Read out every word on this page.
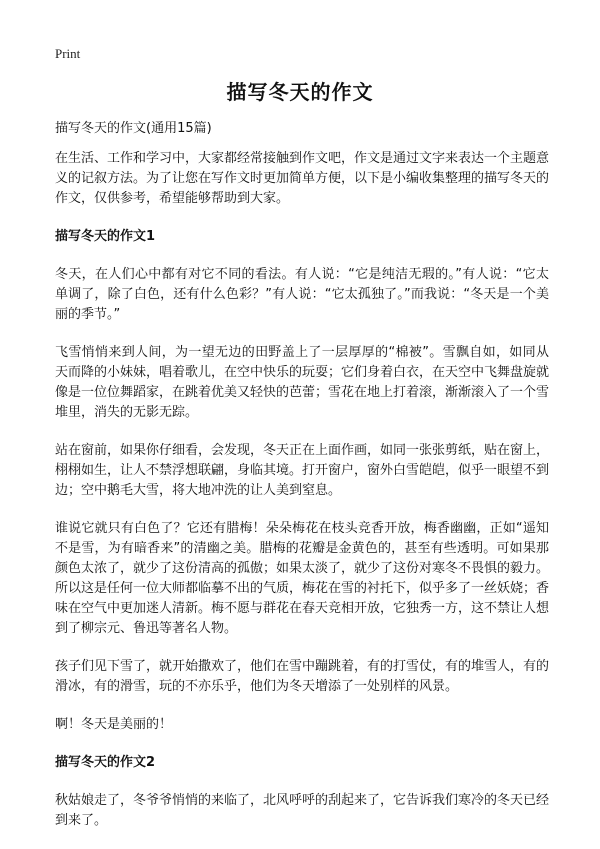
Print
描写冬天的作文
描写冬天的作文(通用15篇)

在生活、工作和学习中，大家都经常接触到作文吧，作文是通过文字来表达一个主题意义的记叙方法。为了让您在写作文时更加简单方便，以下是小编收集整理的描写冬天的作文，仅供参考，希望能够帮助到大家。

描写冬天的作文1

冬天，在人们心中都有对它不同的看法。有人说：“它是纯洁无瑕的。”有人说：“它太单调了，除了白色，还有什么色彩？”有人说：“它太孤独了。”而我说：“冬天是一个美丽的季节。”

飞雪悄悄来到人间，为一望无边的田野盖上了一层厚厚的“棉被”。雪飘自如，如同从天而降的小妹妹，唱着歌儿，在空中快乐的玩耍；它们身着白衣，在天空中飞舞盘旋就像是一位位舞蹈家，在跳着优美又轻快的芭蕾；雪花在地上打着滚，渐渐滚入了一个雪堆里，消失的无影无踪。

站在窗前，如果你仔细看，会发现，冬天正在上面作画，如同一张张剪纸，贴在窗上，栩栩如生，让人不禁浮想联翩，身临其境。打开窗户，窗外白雪皑皑，似乎一眼望不到边；空中鹅毛大雪，将大地冲洗的让人美到窒息。

谁说它就只有白色了？它还有腊梅！朵朵梅花在枝头竞香开放，梅香幽幽，正如“遥知不是雪，为有暗香来”的清幽之美。腊梅的花瓣是金黄色的，甚至有些透明。可如果那颜色太浓了，就少了这份清高的孤傲；如果太淡了，就少了这份对寒冬不畏惧的毅力。所以这是任何一位大师都临摹不出的气质，梅花在雪的衬托下，似乎多了一丝妖娆；香味在空气中更加迷人清新。梅不愿与群花在春天竞相开放，它独秀一方，这不禁让人想到了柳宗元、鲁迅等著名人物。

孩子们见下雪了，就开始撒欢了，他们在雪中蹦跳着，有的打雪仗，有的堆雪人，有的滑冰，有的滑雪，玩的不亦乐乎，他们为冬天增添了一处别样的风景。

啊！冬天是美丽的！

描写冬天的作文2

秋姑娘走了，冬爷爷悄悄的来临了，北风呼呼的刮起来了，它告诉我们寒冷的冬天已经到来了。
